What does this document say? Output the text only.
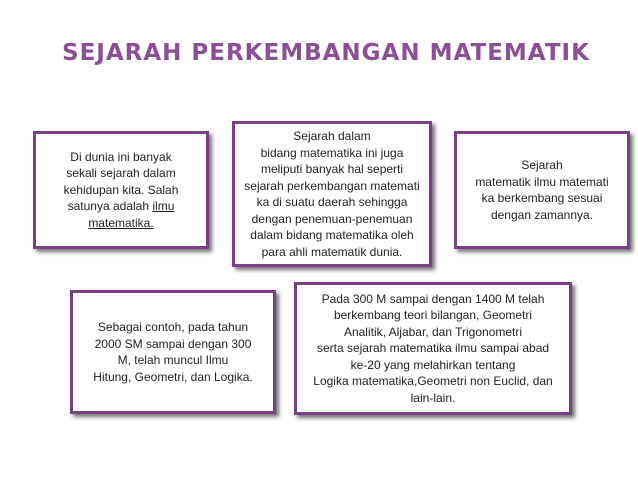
SEJARAH PERKEMBANGAN MATEMATIK
Di dunia ini banyak
sekali sejarah dalam
kehidupan kita. Salah
satunya adalah ilmu
matematika.
Sejarah dalam
bidang matematika ini juga
meliputi banyak hal seperti
sejarah perkembangan matemati
ka di suatu daerah sehingga
dengan penemuan-penemuan
dalam bidang matematika oleh
para ahli matematik dunia.
Sejarah
matematik ilmu matemati
ka berkembang sesuai
dengan zamannya.
Sebagai contoh, pada tahun
2000 SM sampai dengan 300
M, telah muncul Ilmu
Hitung, Geometri, dan Logika.
Pada 300 M sampai dengan 1400 M telah
berkembang teori bilangan, Geometri
Analitik, Aljabar, dan Trigonometri
serta sejarah matematika ilmu sampai abad
ke-20 yang melahirkan tentang
Logika matematika,Geometri non Euclid, dan
lain-lain.
